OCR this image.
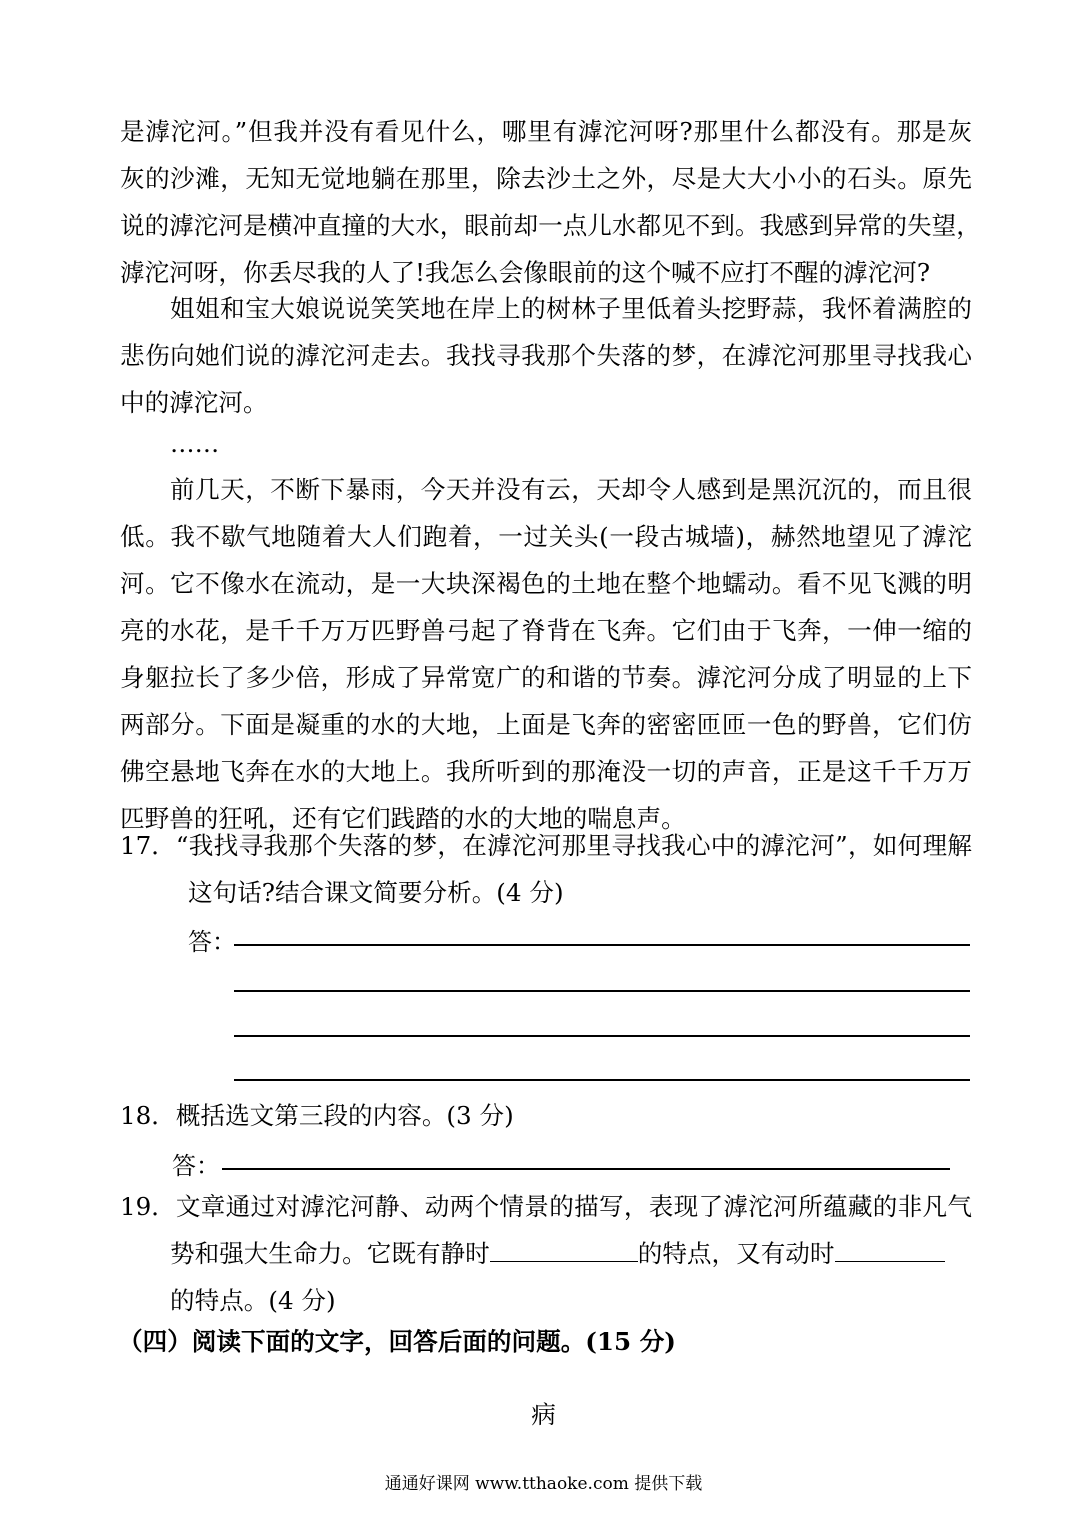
是滹沱河。”但我并没有看见什么，哪里有滹沱河呀?那里什么都没有。那是灰
灰的沙滩，无知无觉地躺在那里，除去沙土之外，尽是大大小小的石头。原先
说的滹沱河是横冲直撞的大水，眼前却一点儿水都见不到。我感到异常的失望，
滹沱河呀，你丢尽我的人了!我怎么会像眼前的这个喊不应打不醒的滹沱河?
姐姐和宝大娘说说笑笑地在岸上的树林子里低着头挖野蒜，我怀着满腔的
悲伤向她们说的滹沱河走去。我找寻我那个失落的梦，在滹沱河那里寻找我心
中的滹沱河。
……
前几天，不断下暴雨，今天并没有云，天却令人感到是黑沉沉的，而且很
低。我不歇气地随着大人们跑着，一过关头(一段古城墙)，赫然地望见了滹沱
河。它不像水在流动，是一大块深褐色的土地在整个地蠕动。看不见飞溅的明
亮的水花，是千千万万匹野兽弓起了脊背在飞奔。它们由于飞奔，一伸一缩的
身躯拉长了多少倍，形成了异常宽广的和谐的节奏。滹沱河分成了明显的上下
两部分。下面是凝重的水的大地，上面是飞奔的密密匝匝一色的野兽，它们仿
佛空悬地飞奔在水的大地上。我所听到的那淹没一切的声音，正是这千千万万
匹野兽的狂吼，还有它们践踏的水的大地的喘息声。
17． “我找寻我那个失落的梦，在滹沱河那里寻找我心中的滹沱河”，如何理解
这句话?结合课文简要分析。(4 分)
答：
18． 概括选文第三段的内容。(3 分)
答：
19． 文章通过对滹沱河静、动两个情景的描写，表现了滹沱河所蕴藏的非凡气
势和强大生命力。它既有静时	的特点，又有动时
的特点。(4 分)
（四）阅读下面的文字，回答后面的问题。(15 分)
病
通通好课网 www.tthaoke.com 提供下载
